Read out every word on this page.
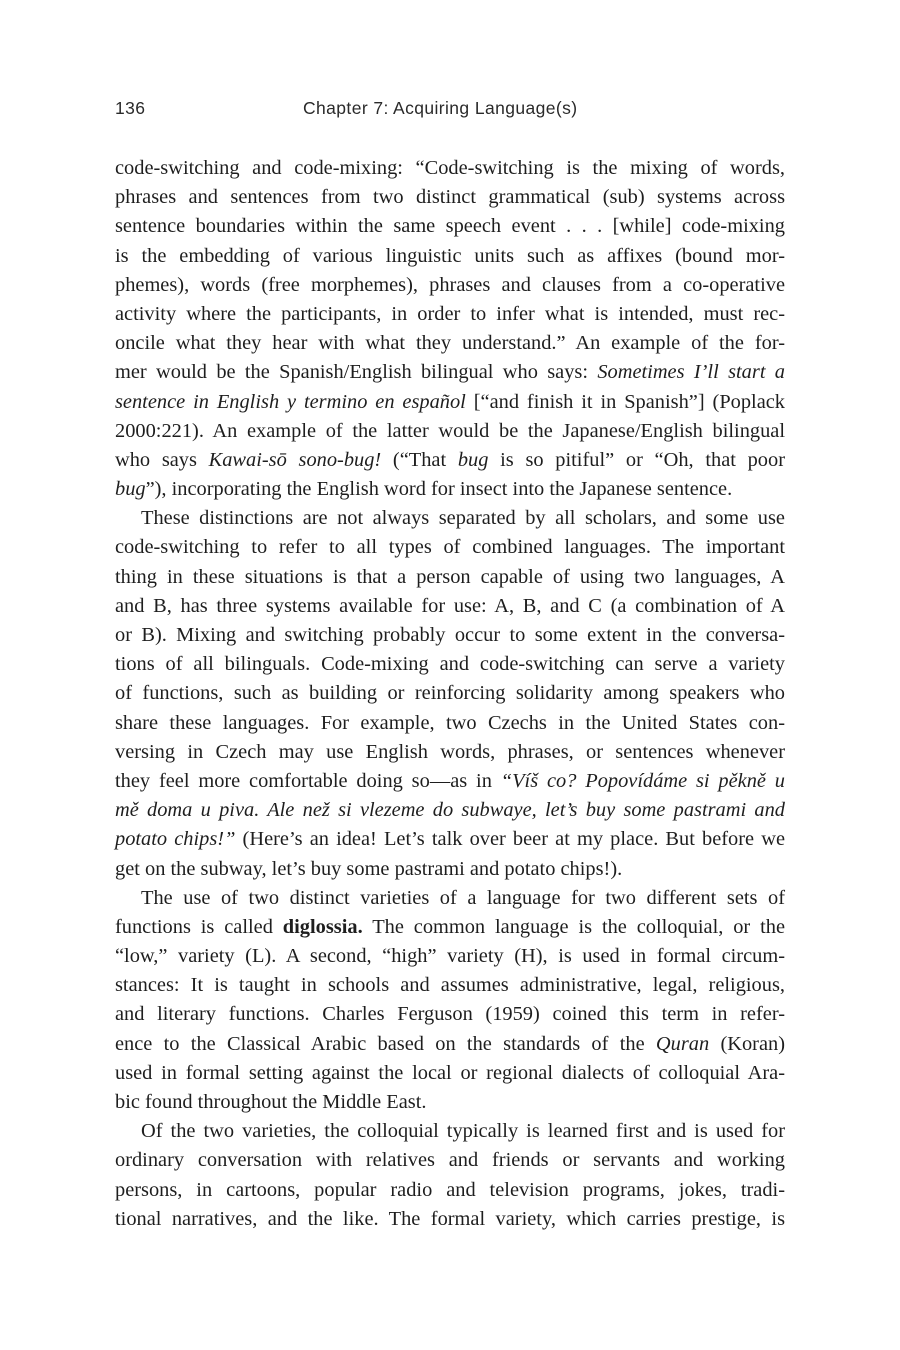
136	Chapter 7: Acquiring Language(s)
code-switching and code-mixing: “Code-switching is the mixing of words,
phrases and sentences from two distinct grammatical (sub) systems across
sentence boundaries within the same speech event . . . [while] code-mixing
is the embedding of various linguistic units such as affixes (bound mor-
phemes), words (free morphemes), phrases and clauses from a co-operative
activity where the participants, in order to infer what is intended, must rec-
oncile what they hear with what they understand.” An example of the for-
mer would be the Spanish/English bilingual who says: Sometimes I’ll start a
sentence in English y termino en español [“and finish it in Spanish”] (Poplack
2000:221). An example of the latter would be the Japanese/English bilingual
who says Kawai-sō sono-bug! (“That bug is so pitiful” or “Oh, that poor
bug”), incorporating the English word for insect into the Japanese sentence.
These distinctions are not always separated by all scholars, and some use
code-switching to refer to all types of combined languages. The important
thing in these situations is that a person capable of using two languages, A
and B, has three systems available for use: A, B, and C (a combination of A
or B). Mixing and switching probably occur to some extent in the conversa-
tions of all bilinguals. Code-mixing and code-switching can serve a variety
of functions, such as building or reinforcing solidarity among speakers who
share these languages. For example, two Czechs in the United States con-
versing in Czech may use English words, phrases, or sentences whenever
they feel more comfortable doing so—as in “Víš co? Popovídáme si pěkně u
mě doma u piva. Ale než si vlezeme do subwaye, let’s buy some pastrami and
potato chips!” (Here’s an idea! Let’s talk over beer at my place. But before we
get on the subway, let’s buy some pastrami and potato chips!).
The use of two distinct varieties of a language for two different sets of
functions is called diglossia. The common language is the colloquial, or the
“low,” variety (L). A second, “high” variety (H), is used in formal circum-
stances: It is taught in schools and assumes administrative, legal, religious,
and literary functions. Charles Ferguson (1959) coined this term in refer-
ence to the Classical Arabic based on the standards of the Quran (Koran)
used in formal setting against the local or regional dialects of colloquial Ara-
bic found throughout the Middle East.
Of the two varieties, the colloquial typically is learned first and is used for
ordinary conversation with relatives and friends or servants and working
persons, in cartoons, popular radio and television programs, jokes, tradi-
tional narratives, and the like. The formal variety, which carries prestige, is
